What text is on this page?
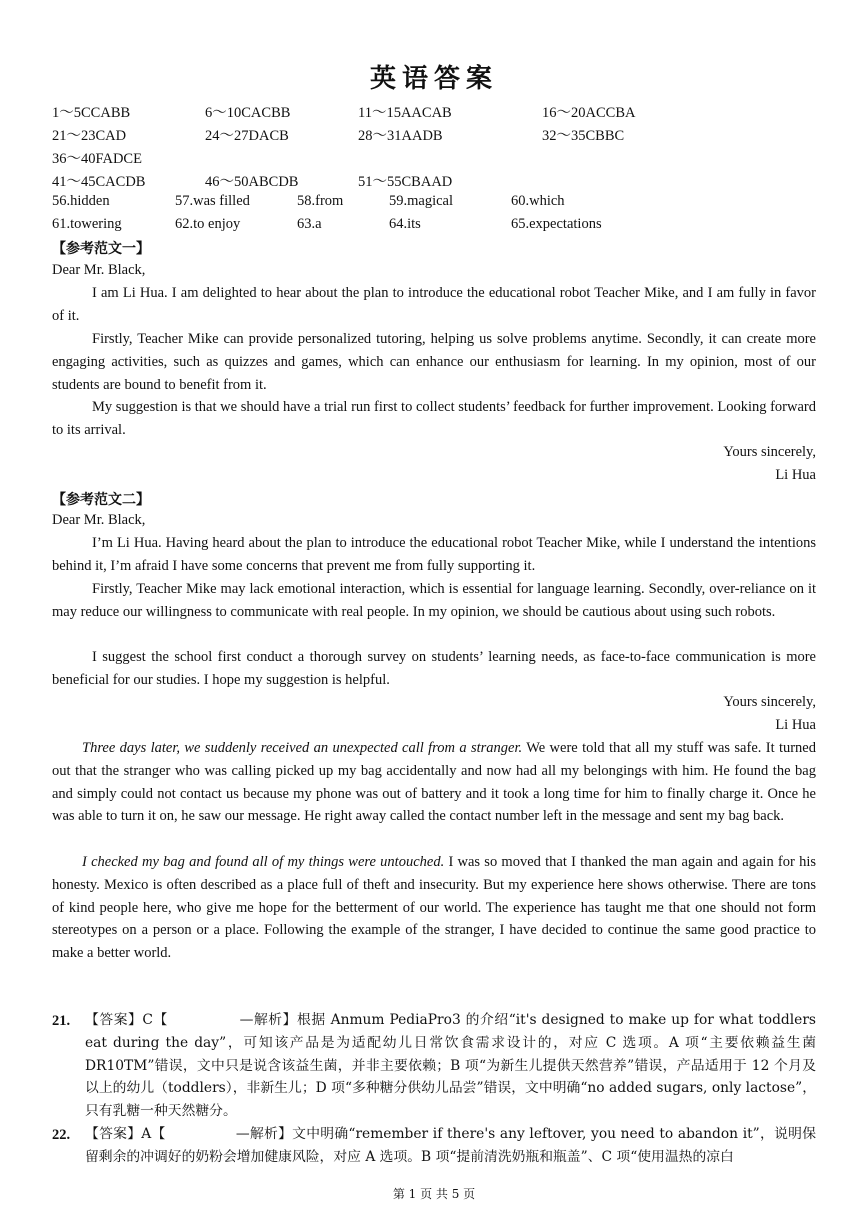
英语答案
1～5CCABB	6～10CACBB	11～15AACAB	16～20ACCBA
21～23CAD	24～27DACB	28～31AADB	32～35CBBC
36～40FADCE
41～45CACDB	46～50ABCDB	51～55CBAAD
56.hidden	57.was filled	58.from	59.magical	60.which
61.towering	62.to enjoy	63.a	64.its	65.expectations
【参考范文一】
Dear Mr. Black,
I am Li Hua. I am delighted to hear about the plan to introduce the educational robot Teacher Mike, and I am fully in favor of it.
Firstly, Teacher Mike can provide personalized tutoring, helping us solve problems anytime. Secondly, it can create more engaging activities, such as quizzes and games, which can enhance our enthusiasm for learning. In my opinion, most of our students are bound to benefit from it.
My suggestion is that we should have a trial run first to collect students’ feedback for further improvement. Looking forward to its arrival.
Yours sincerely,
Li Hua
【参考范文二】
Dear Mr. Black,
I’m Li Hua. Having heard about the plan to introduce the educational robot Teacher Mike, while I understand the intentions behind it, I’m afraid I have some concerns that prevent me from fully supporting it.
Firstly, Teacher Mike may lack emotional interaction, which is essential for language learning. Secondly, over-reliance on it may reduce our willingness to communicate with real people. In my opinion, we should be cautious about using such robots.
I suggest the school first conduct a thorough survey on students’ learning needs, as face-to-face communication is more beneficial for our studies. I hope my suggestion is helpful.
Yours sincerely,
Li Hua
Three days later, we suddenly received an unexpected call from a stranger. We were told that all my stuff was safe. It turned out that the stranger who was calling picked up my bag accidentally and now had all my belongings with him. He found the bag and simply could not contact us because my phone was out of battery and it took a long time for him to finally charge it. Once he was able to turn it on, he saw our message. He right away called the contact number left in the message and sent my bag back.
I checked my bag and found all of my things were untouched. I was so moved that I thanked the man again and again for his honesty. Mexico is often described as a place full of theft and insecurity. But my experience here shows otherwise. There are tons of kind people here, who give me hope for the betterment of our world. The experience has taught me that one should not form stereotypes on a person or a place. Following the example of the stranger, I have decided to continue the same good practice to make a better world.
21. 【答案】C【　　　　　—解析】根据 Anmum PediaPro3 的介绍“it's designed to make up for what toddlers eat during the day”，可知该产品是为适配幼儿日常饮食需求设计的，对应 C 选项。A 项“主要依赖益生菌 DR10TM”错误，文中只是说含该益生菌，并非主要依赖；B 项“为新生儿提供天然营养”错误，产品适用于 12 个月及以上的幼儿（toddlers），非新生儿；D 项“多种糖分供幼儿品尝”错误，文中明确“no added sugars, only lactose”，只有乳糖一种天然糖分。
22. 【答案】A【　　　　　—解析】文中明确“remember if there's any leftover, you need to abandon it”，说明保留剩余的冲调好的奶粉会增加健康风险，对应 A 选项。B 项“提前清洗奶瓶和瓶盖”、C 项“使用温热的凉白
第 1 页 共 5 页
